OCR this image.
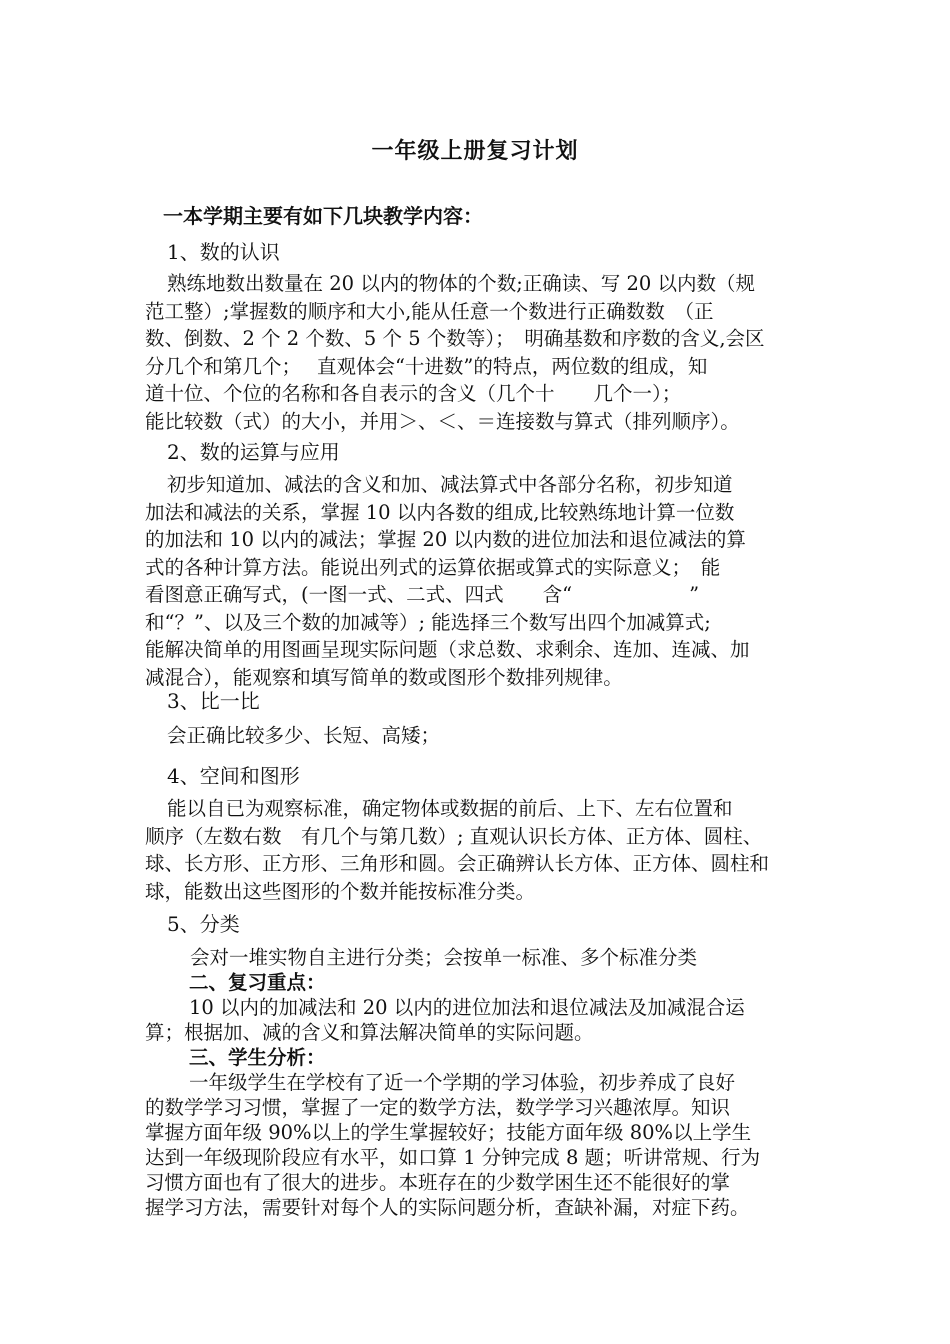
一年级上册复习计划
一本学期主要有如下几块教学内容：
1、数的认识

熟练地数出数量在 20 以内的物体的个数;正确读、写 20 以内数（规

范工整）;掌握数的顺序和大小,能从任意一个数进行正确数数　（正

数、倒数、2 个 2 个数、5 个 5 个数等）；　明确基数和序数的含义,会区

分几个和第几个；　 直观体会“十进数”的特点，两位数的组成，知

道十位、个位的名称和各自表示的含义（几个十　　几个一）；

能比较数（式）的大小，并用＞、＜、＝连接数与算式（排列顺序）。

2、数的运算与应用

初步知道加、减法的含义和加、减法算式中各部分名称，初步知道

加法和减法的关系，掌握 10 以内各数的组成,比较熟练地计算一位数

的加法和 10 以内的减法；掌握 20 以内数的进位加法和退位减法的算

式的各种计算方法。能说出列式的运算依据或算式的实际意义；　能

看图意正确写式，(一图一式、二式、四式　　含“　　　　　　”

和“？”、以及三个数的加减等）; 能选择三个数写出四个加减算式;

能解决简单的用图画呈现实际问题（求总数、求剩余、连加、连减、加

减混合），能观察和填写简单的数或图形个数排列规律。

3、比一比

会正确比较多少、长短、高矮；

4、空间和图形

能以自已为观察标准，确定物体或数据的前后、上下、左右位置和

顺序（左数右数　有几个与第几数）; 直观认识长方体、正方体、圆柱、

球、长方形、正方形、三角形和圆。会正确辨认长方体、正方体、圆柱和

球，能数出这些图形的个数并能按标准分类。

5、分类

会对一堆实物自主进行分类；会按单一标准、多个标准分类

二、复习重点：

10 以内的加减法和 20 以内的进位加法和退位减法及加减混合运

算；根据加、减的含义和算法解决简单的实际问题。

三、学生分析：

一年级学生在学校有了近一个学期的学习体验，初步养成了良好

的数学学习习惯，掌握了一定的数学方法，数学学习兴趣浓厚。知识

掌握方面年级 90%以上的学生掌握较好；技能方面年级 80%以上学生

达到一年级现阶段应有水平，如口算 1 分钟完成 8 题；听讲常规、行为

习惯方面也有了很大的进步。本班存在的少数学困生还不能很好的掌

握学习方法，需要针对每个人的实际问题分析，查缺补漏，对症下药。
